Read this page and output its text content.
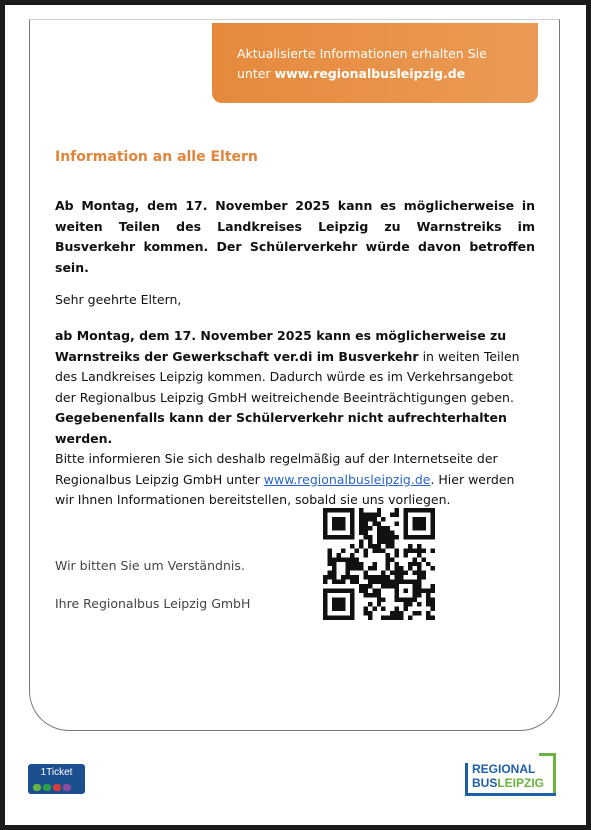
Aktualisierte Informationen erhalten Sie
unter www.regionalbusleipzig.de
Information an alle Eltern

Ab Montag, dem 17. November 2025 kann es möglicherweise in weiten Teilen des Landkreises Leipzig zu Warnstreiks im Busverkehr kommen. Der Schülerverkehr würde davon betroffen sein.

Sehr geehrte Eltern,

ab Montag, dem 17. November 2025 kann es möglicherweise zu Warnstreiks der Gewerkschaft ver.di im Busverkehr in weiten Teilen des Landkreises Leipzig kommen. Dadurch würde es im Verkehrsangebot der Regionalbus Leipzig GmbH weitreichende Beeinträchtigungen geben. Gegebenenfalls kann der Schülerverkehr nicht aufrechterhalten werden.
Bitte informieren Sie sich deshalb regelmäßig auf der Internetseite der Regionalbus Leipzig GmbH unter www.regionalbusleipzig.de. Hier werden wir Ihnen Informationen bereitstellen, sobald sie uns vorliegen.

Wir bitten Sie um Verständnis.

Ihre Regionalbus Leipzig GmbH

1Ticket	REGIONAL
BUSLEIPZIG
